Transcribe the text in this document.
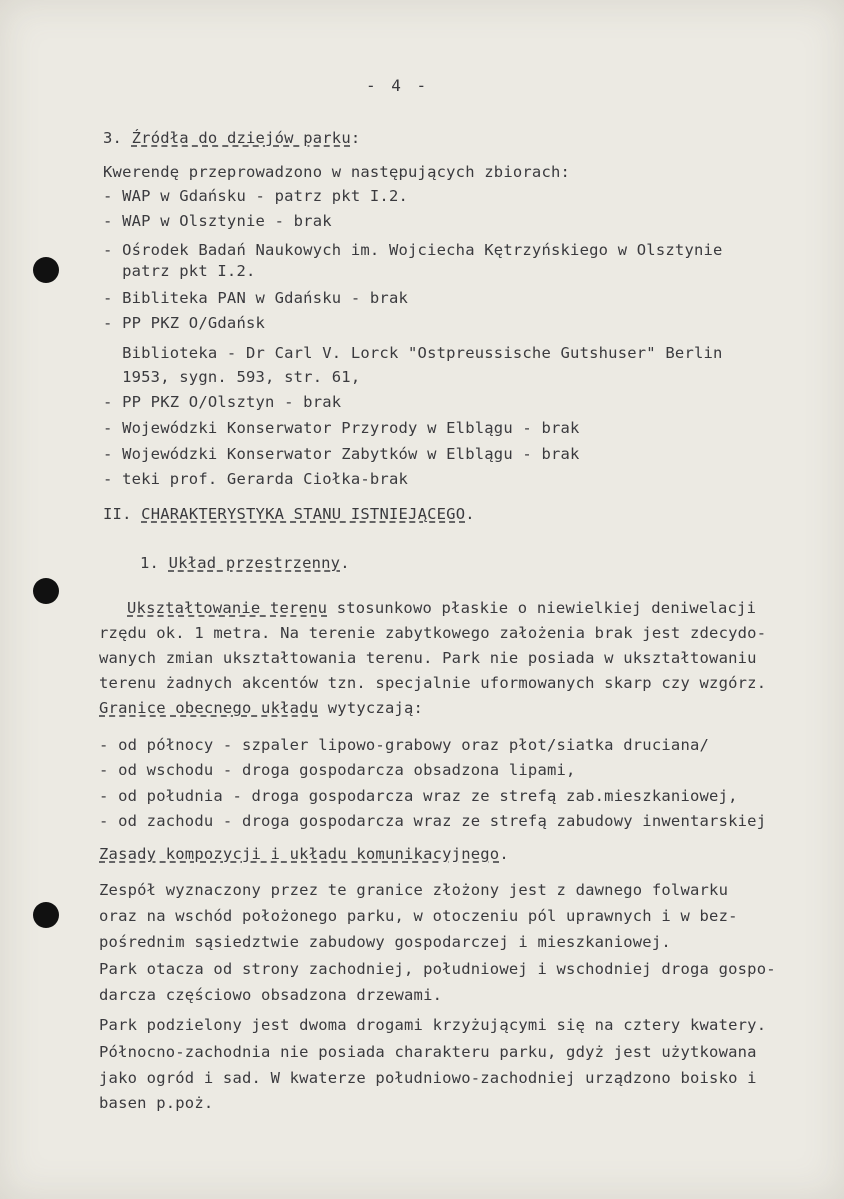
- 4 -
3. Źródła do dziejów parku:
Kwerendę przeprowadzono w następujących zbiorach:
- WAP w Gdańsku - patrz pkt I.2.
- WAP w Olsztynie - brak
- Ośrodek Badań Naukowych im. Wojciecha Kętrzyńskiego w Olsztynie
patrz pkt I.2.
- Bibliteka PAN w Gdańsku - brak
- PP PKZ O/Gdańsk
Biblioteka - Dr Carl V. Lorck "Ostpreussische Gutshuser" Berlin
1953, sygn. 593, str. 61,
- PP PKZ O/Olsztyn - brak
- Wojewódzki Konserwator Przyrody w Elblągu - brak
- Wojewódzki Konserwator Zabytków w Elblągu - brak
- teki prof. Gerarda Ciołka-brak
II. CHARAKTERYSTYKA STANU ISTNIEJĄCEGO.
1. Układ przestrzenny.
Ukształtowanie terenu stosunkowo płaskie o niewielkiej deniwelacji
rzędu ok. 1 metra. Na terenie zabytkowego założenia brak jest zdecydo-
wanych zmian ukształtowania terenu. Park nie posiada w ukształtowaniu
terenu żadnych akcentów tzn. specjalnie uformowanych skarp czy wzgórz.
Granice obecnego układu wytyczają:
- od północy - szpaler lipowo-grabowy oraz płot/siatka druciana/
- od wschodu - droga gospodarcza obsadzona lipami,
- od południa - droga gospodarcza wraz ze strefą zab.mieszkaniowej,
- od zachodu - droga gospodarcza wraz ze strefą zabudowy inwentarskiej
Zasady kompozycji i układu komunikacyjnego.
Zespół wyznaczony przez te granice złożony jest z dawnego folwarku
oraz na wschód położonego parku, w otoczeniu pól uprawnych i w bez-
pośrednim sąsiedztwie zabudowy gospodarczej i mieszkaniowej.
Park otacza od strony zachodniej, południowej i wschodniej droga gospo-
darcza częściowo obsadzona drzewami.
Park podzielony jest dwoma drogami krzyżującymi się na cztery kwatery.
Północno-zachodnia nie posiada charakteru parku, gdyż jest użytkowana
jako ogród i sad. W kwaterze południowo-zachodniej urządzono boisko i
basen p.poż.
